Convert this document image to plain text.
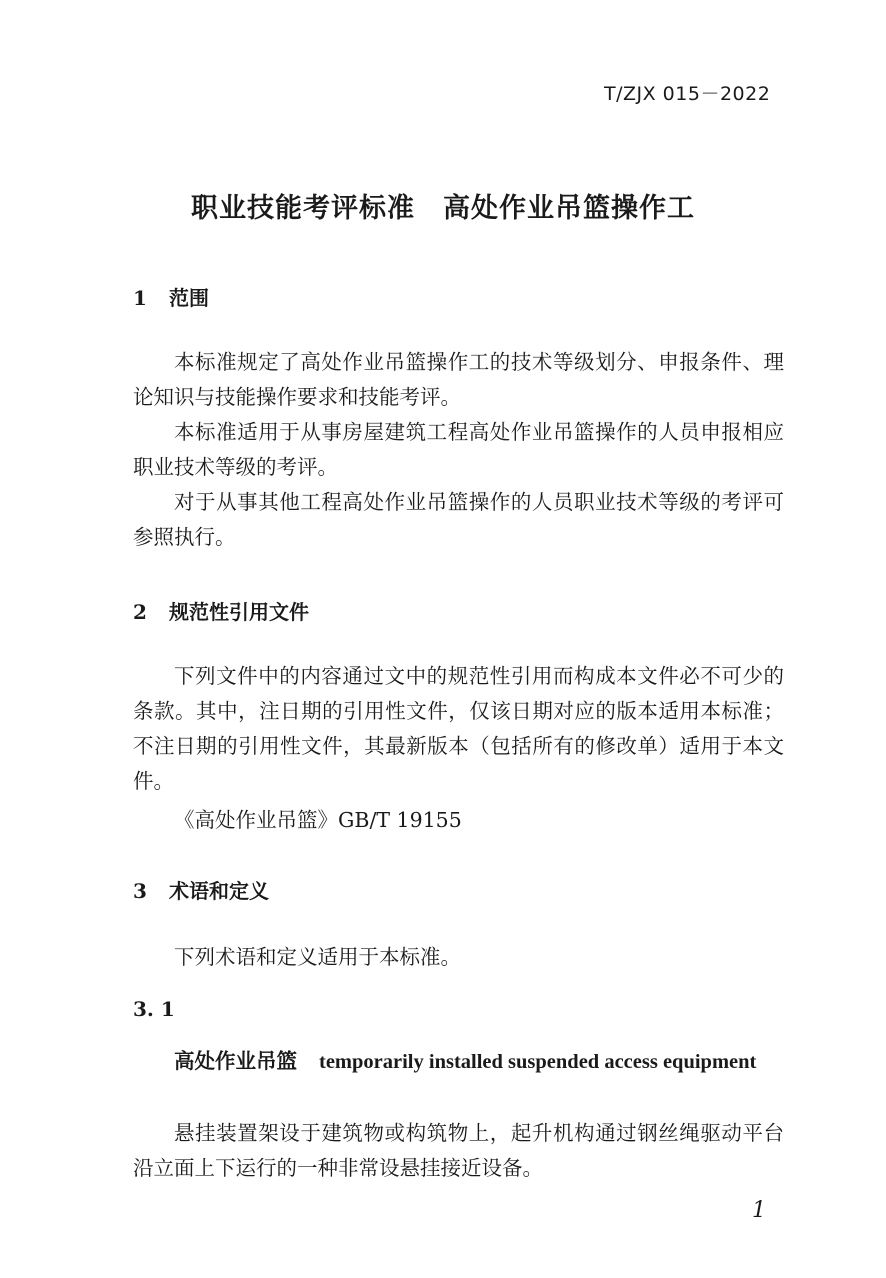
T/ZJX 015－2022
职业技能考评标准　高处作业吊篮操作工
1 范围
本标准规定了高处作业吊篮操作工的技术等级划分、申报条件、理论知识与技能操作要求和技能考评。
本标准适用于从事房屋建筑工程高处作业吊篮操作的人员申报相应职业技术等级的考评。
对于从事其他工程高处作业吊篮操作的人员职业技术等级的考评可参照执行。
2 规范性引用文件
下列文件中的内容通过文中的规范性引用而构成本文件必不可少的条款。其中，注日期的引用性文件，仅该日期对应的版本适用本标准；不注日期的引用性文件，其最新版本（包括所有的修改单）适用于本文件。
《高处作业吊篮》GB/T 19155
3 术语和定义
下列术语和定义适用于本标准。
3. 1
高处作业吊篮 temporarily installed suspended access equipment
悬挂装置架设于建筑物或构筑物上，起升机构通过钢丝绳驱动平台沿立面上下运行的一种非常设悬挂接近设备。
1
